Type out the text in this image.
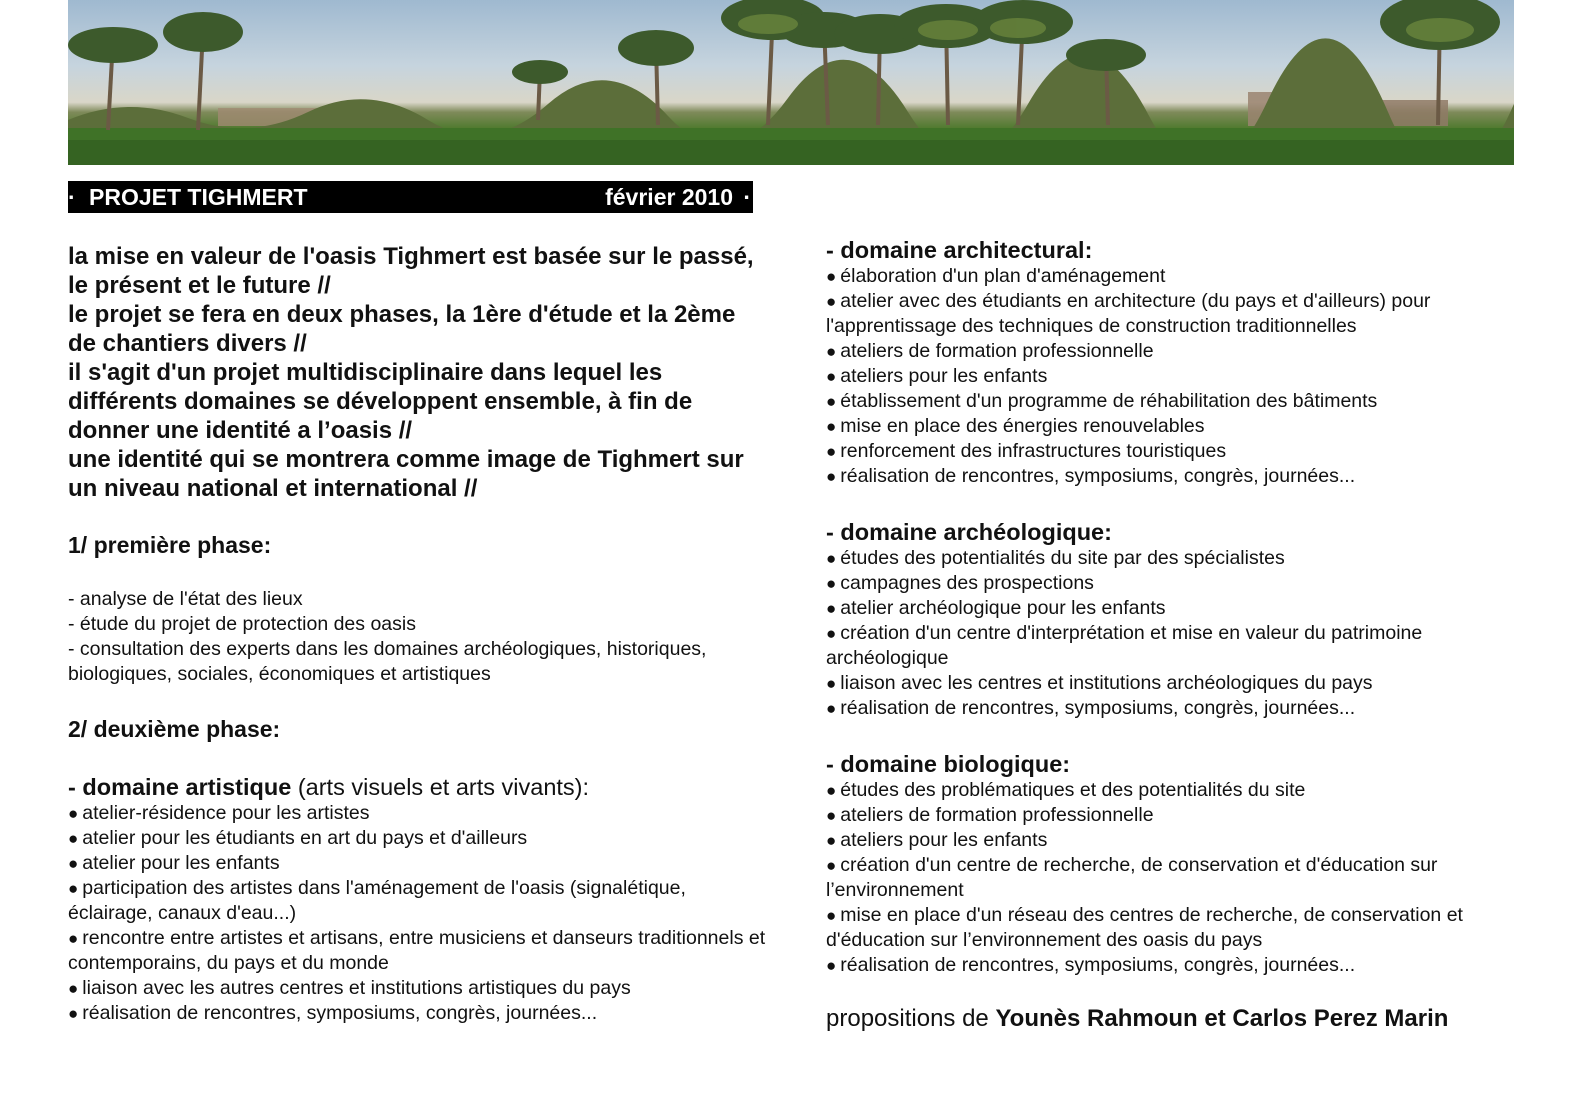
· PROJET TIGHMERT	février 2010 ·

la mise en valeur de l'oasis Tighmert est basée sur le passé, le présent et le future //

le projet se fera en deux phases, la 1ère d'étude et la 2ème de chantiers divers //

il s'agit d'un projet multidisciplinaire dans lequel les différents domaines se développent ensemble, à fin de donner une identité a l’oasis //

une identité qui se montrera comme image de Tighmert sur un niveau national et international //

1/ première phase:

- analyse de l'état des lieux

- étude du projet de protection des oasis

- consultation des experts dans les domaines archéologiques, historiques, biologiques, sociales, économiques et artistiques

2/ deuxième phase:
- domaine artistique (arts visuels et arts vivants):
● atelier-résidence pour les artistes
● atelier pour les étudiants en art du pays et d'ailleurs
● atelier pour les enfants
● participation des artistes dans l'aménagement de l'oasis (signalétique, éclairage, canaux d'eau...)
● rencontre entre artistes et artisans, entre musiciens et danseurs traditionnels et contemporains, du pays et du monde
● liaison avec les autres centres et institutions artistiques du pays
● réalisation de rencontres, symposiums, congrès, journées...
- domaine architectural:
● élaboration d'un plan d'aménagement
● atelier avec des étudiants en architecture (du pays et d'ailleurs) pour l'apprentissage des techniques de construction traditionnelles
● ateliers de formation professionnelle
● ateliers pour les enfants
● établissement d'un programme de réhabilitation des bâtiments
● mise en place des énergies renouvelables
● renforcement des infrastructures touristiques
● réalisation de rencontres, symposiums, congrès, journées...
- domaine archéologique:
● études des potentialités du site par des spécialistes
● campagnes des prospections
● atelier archéologique pour les enfants
● création d'un centre d'interprétation et mise en valeur du patrimoine archéologique
● liaison avec les centres et institutions archéologiques du pays
● réalisation de rencontres, symposiums, congrès, journées...
- domaine biologique:
● études des problématiques et des potentialités du site
● ateliers de formation professionnelle
● ateliers pour les enfants
● création d'un centre de recherche, de conservation et d'éducation sur l’environnement
● mise en place d'un réseau des centres de recherche, de conservation et d'éducation sur l’environnement des oasis du pays
● réalisation de rencontres, symposiums, congrès, journées...

propositions de Younès Rahmoun et Carlos Perez Marin
